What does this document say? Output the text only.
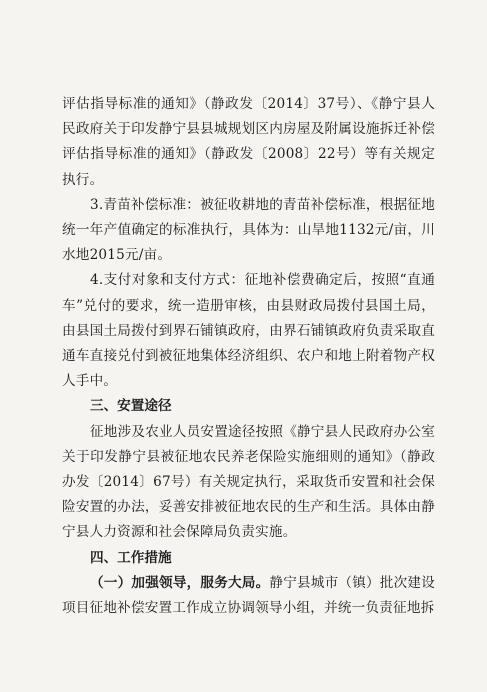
评估指导标准的通知》（静政发〔2014〕37号）、《静宁县人民政府关于印发静宁县县城规划区内房屋及附属设施拆迁补偿评估指导标准的通知》（静政发〔2008〕22号）等有关规定执行。

3.青苗补偿标准：被征收耕地的青苗补偿标准，根据征地统一年产值确定的标准执行，具体为：山旱地1132元/亩，川水地2015元/亩。

4.支付对象和支付方式：征地补偿费确定后，按照“直通车”兑付的要求，统一造册审核，由县财政局拨付县国土局，由县国土局拨付到界石铺镇政府，由界石铺镇政府负责采取直通车直接兑付到被征地集体经济组织、农户和地上附着物产权人手中。

三、安置途径

征地涉及农业人员安置途径按照《静宁县人民政府办公室关于印发静宁县被征地农民养老保险实施细则的通知》（静政办发〔2014〕67号）有关规定执行，采取货币安置和社会保险安置的办法，妥善安排被征地农民的生产和生活。具体由静宁县人力资源和社会保障局负责实施。

四、工作措施

（一）加强领导，服务大局。静宁县城市（镇）批次建设项目征地补偿安置工作成立协调领导小组，并统一负责征地拆
